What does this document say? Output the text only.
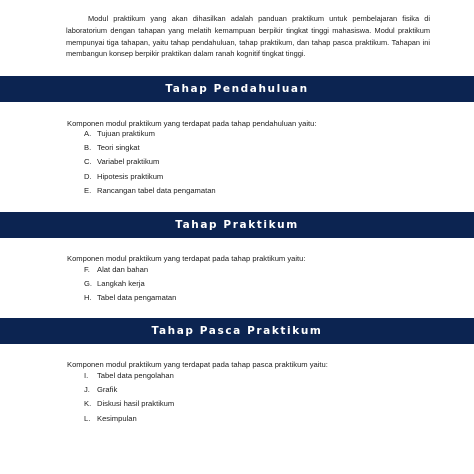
Modul praktikum yang akan dihasilkan adalah panduan praktikum untuk pembelajaran fisika di laboratorium dengan tahapan yang melatih kemampuan berpikir tingkat tinggi mahasiswa. Modul praktikum mempunyai tiga tahapan, yaitu tahap pendahuluan, tahap praktikum, dan tahap pasca praktikum. Tahapan ini membangun konsep berpikir praktikan dalam ranah kognitif tingkat tinggi.

Tahap Pendahuluan
Komponen modul praktikum yang terdapat pada tahap pendahuluan yaitu:
A. Tujuan praktikum
B. Teori singkat
C. Variabel praktikum
D. Hipotesis praktikum
E. Rancangan tabel data pengamatan
Tahap Praktikum
Komponen modul praktikum yang terdapat pada tahap praktikum yaitu:
F. Alat dan bahan
G. Langkah kerja
H. Tabel data pengamatan
Tahap Pasca Praktikum
Komponen modul praktikum yang terdapat pada tahap pasca praktikum yaitu:
I. Tabel data pengolahan
J. Grafik
K. Diskusi hasil praktikum
L. Kesimpulan
